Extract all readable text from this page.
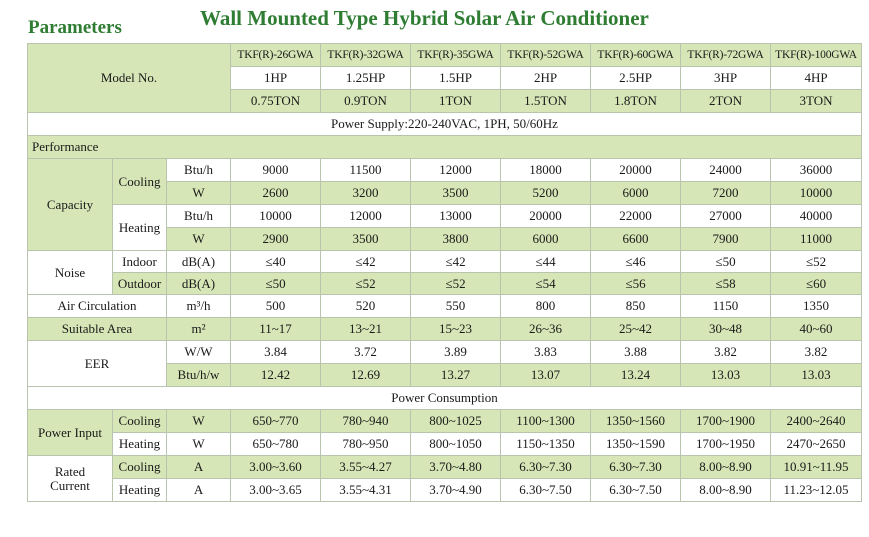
Parameters	Wall Mounted Type Hybrid Solar Air Conditioner
Model No.			TKF(R)-26GWA	TKF(R)-32GWA	TKF(R)-35GWA	TKF(R)-52GWA	TKF(R)-60GWA	TKF(R)-72GWA	TKF(R)-100GWA
			1HP	1.25HP	1.5HP	2HP	2.5HP	3HP	4HP
			0.75TON	0.9TON	1TON	1.5TON	1.8TON	2TON	3TON
Power Supply:220-240VAC, 1PH, 50/60Hz									
Performance									
Capacity	Cooling	Btu/h	9000	11500	12000	18000	20000	24000	36000
		W	2600	3200	3500	5200	6000	7200	10000
	Heating	Btu/h	10000	12000	13000	20000	22000	27000	40000
		W	2900	3500	3800	6000	6600	7900	11000
Noise	Indoor	dB(A)	≤40	≤42	≤42	≤44	≤46	≤50	≤52
	Outdoor	dB(A)	≤50	≤52	≤52	≤54	≤56	≤58	≤60
Air Circulation		m³/h	500	520	550	800	850	1150	1350
Suitable Area		m²	11~17	13~21	15~23	26~36	25~42	30~48	40~60
EER		W/W	3.84	3.72	3.89	3.83	3.88	3.82	3.82
		Btu/h/w	12.42	12.69	13.27	13.07	13.24	13.03	13.03
Power Consumption									
Power Input	Cooling	W	650~770	780~940	800~1025	1100~1300	1350~1560	1700~1900	2400~2640
	Heating	W	650~780	780~950	800~1050	1150~1350	1350~1590	1700~1950	2470~2650

Rated
Current	Cooling	A	3.00~3.60	3.55~4.27	3.70~4.80	6.30~7.30	6.30~7.30	8.00~8.90	10.91~11.95
	Heating	A	3.00~3.65	3.55~4.31	3.70~4.90	6.30~7.50	6.30~7.50	8.00~8.90	11.23~12.05
